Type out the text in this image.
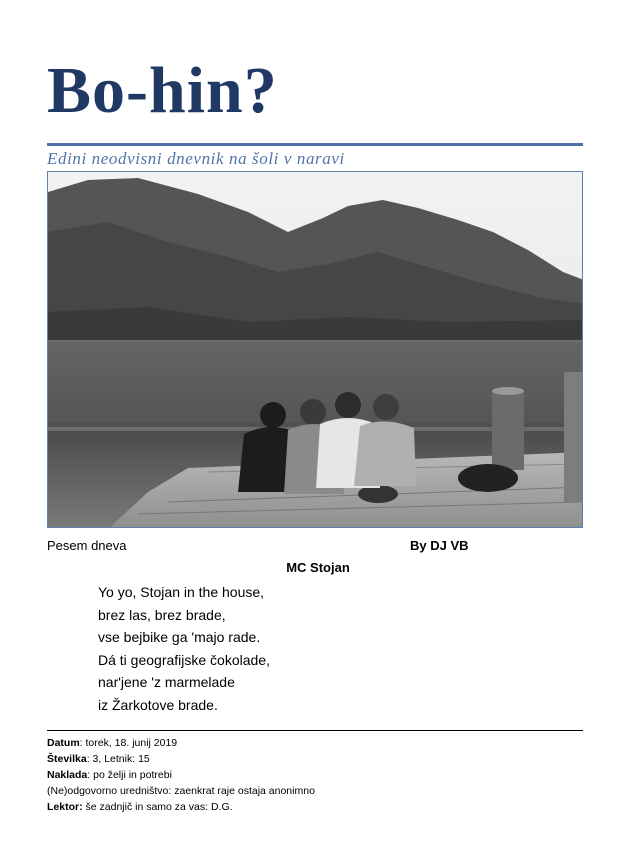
Bo-hin?
Edini neodvisni dnevnik na šoli v naravi
Pesem dneva	By DJ VB
MC Stojan
Yo yo, Stojan in the house,
brez las, brez brade,
vse bejbike ga 'majo rade.
Dá ti geografijske čokolade,
nar'jene 'z marmelade
iz Žarkotove brade.
Datum: torek, 18. junij 2019
Številka: 3, Letnik: 15
Naklada: po želji in potrebi
(Ne)odgovorno uredništvo: zaenkrat raje ostaja anonimno
Lektor: še zadnjič in samo za vas: D.G.
